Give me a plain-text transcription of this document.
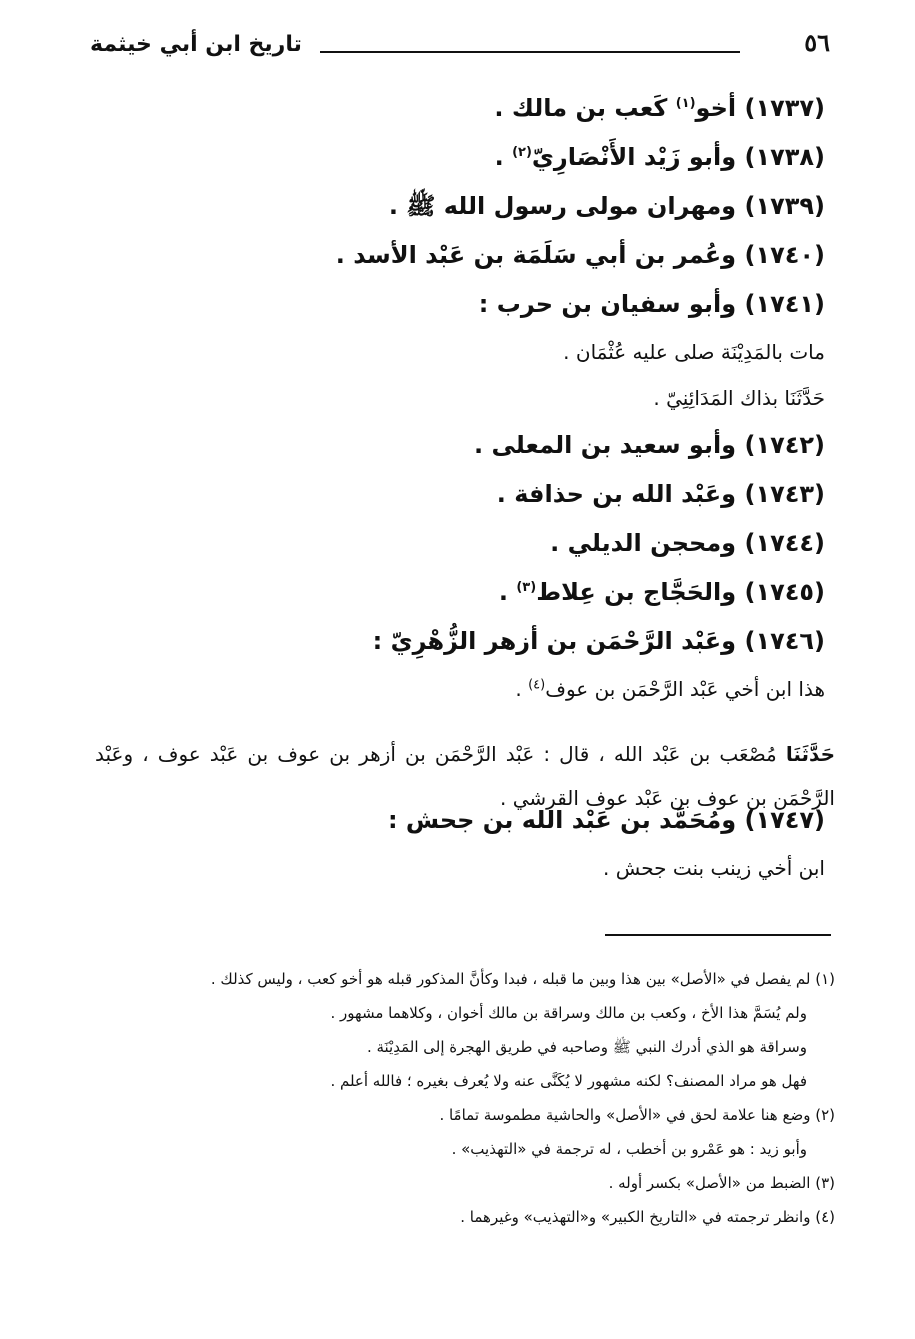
٥٦
تاريخ ابن أبي خيثمة

(١٧٣٧) أخو$^{(١)}$ كَعب بن مالك .

(١٧٣٨) وأبو زَيْد الأَنْصَارِيّ$^{(٢)}$ .

(١٧٣٩) ومهران مولى رسول الله ﷺ .

(١٧٤٠) وعُمر بن أبي سَلَمَة بن عَبْد الأسد .

(١٧٤١) وأبو سفيان بن حرب :

مات بالمَدِيْنَة صلى عليه عُثْمَان .

حَدَّثَنَا بذاك المَدَائِنِيّ .

(١٧٤٢) وأبو سعيد بن المعلى .

(١٧٤٣) وعَبْد الله بن حذافة .

(١٧٤٤) ومحجن الديلي .

(١٧٤٥) والحَجَّاج بن عِلاط$^{(٣)}$ .

(١٧٤٦) وعَبْد الرَّحْمَن بن أزهر الزُّهْرِيّ :

هذا ابن أخي عَبْد الرَّحْمَن بن عوف$^{(٤)}$ .

حَدَّثَنَا مُصْعَب بن عَبْد الله ، قال : عَبْد الرَّحْمَن بن أزهر بن عوف بن عَبْد عوف ، وعَبْد الرَّحْمَن بن عوف بن عَبْد عوف القرشي .

(١٧٤٧) ومُحَمَّد بن عَبْد الله بن جحش :

ابن أخي زينب بنت جحش .

(١) لم يفصل في «الأصل» بين هذا وبين ما قبله ، فبدا وكأنَّ المذكور قبله هو أخو كعب ، وليس كذلك .

ولم يُسَمَّ هذا الأخ ، وكعب بن مالك وسراقة بن مالك أخوان ، وكلاهما مشهور .

وسراقة هو الذي أدرك النبي ﷺ وصاحبه في طريق الهجرة إلى المَدِيْنَة .

فهل هو مراد المصنف؟ لكنه مشهور لا يُكَنَّى عنه ولا يُعرف بغيره ؛ فالله أعلم .

(٢) وضع هنا علامة لحق في «الأصل» والحاشية مطموسة تمامًا .

وأبو زيد : هو عَمْرو بن أخطب ، له ترجمة في «التهذيب» .

(٣) الضبط من «الأصل» بكسر أوله .

(٤) وانظر ترجمته في «التاريخ الكبير» و«التهذيب» وغيرهما .
